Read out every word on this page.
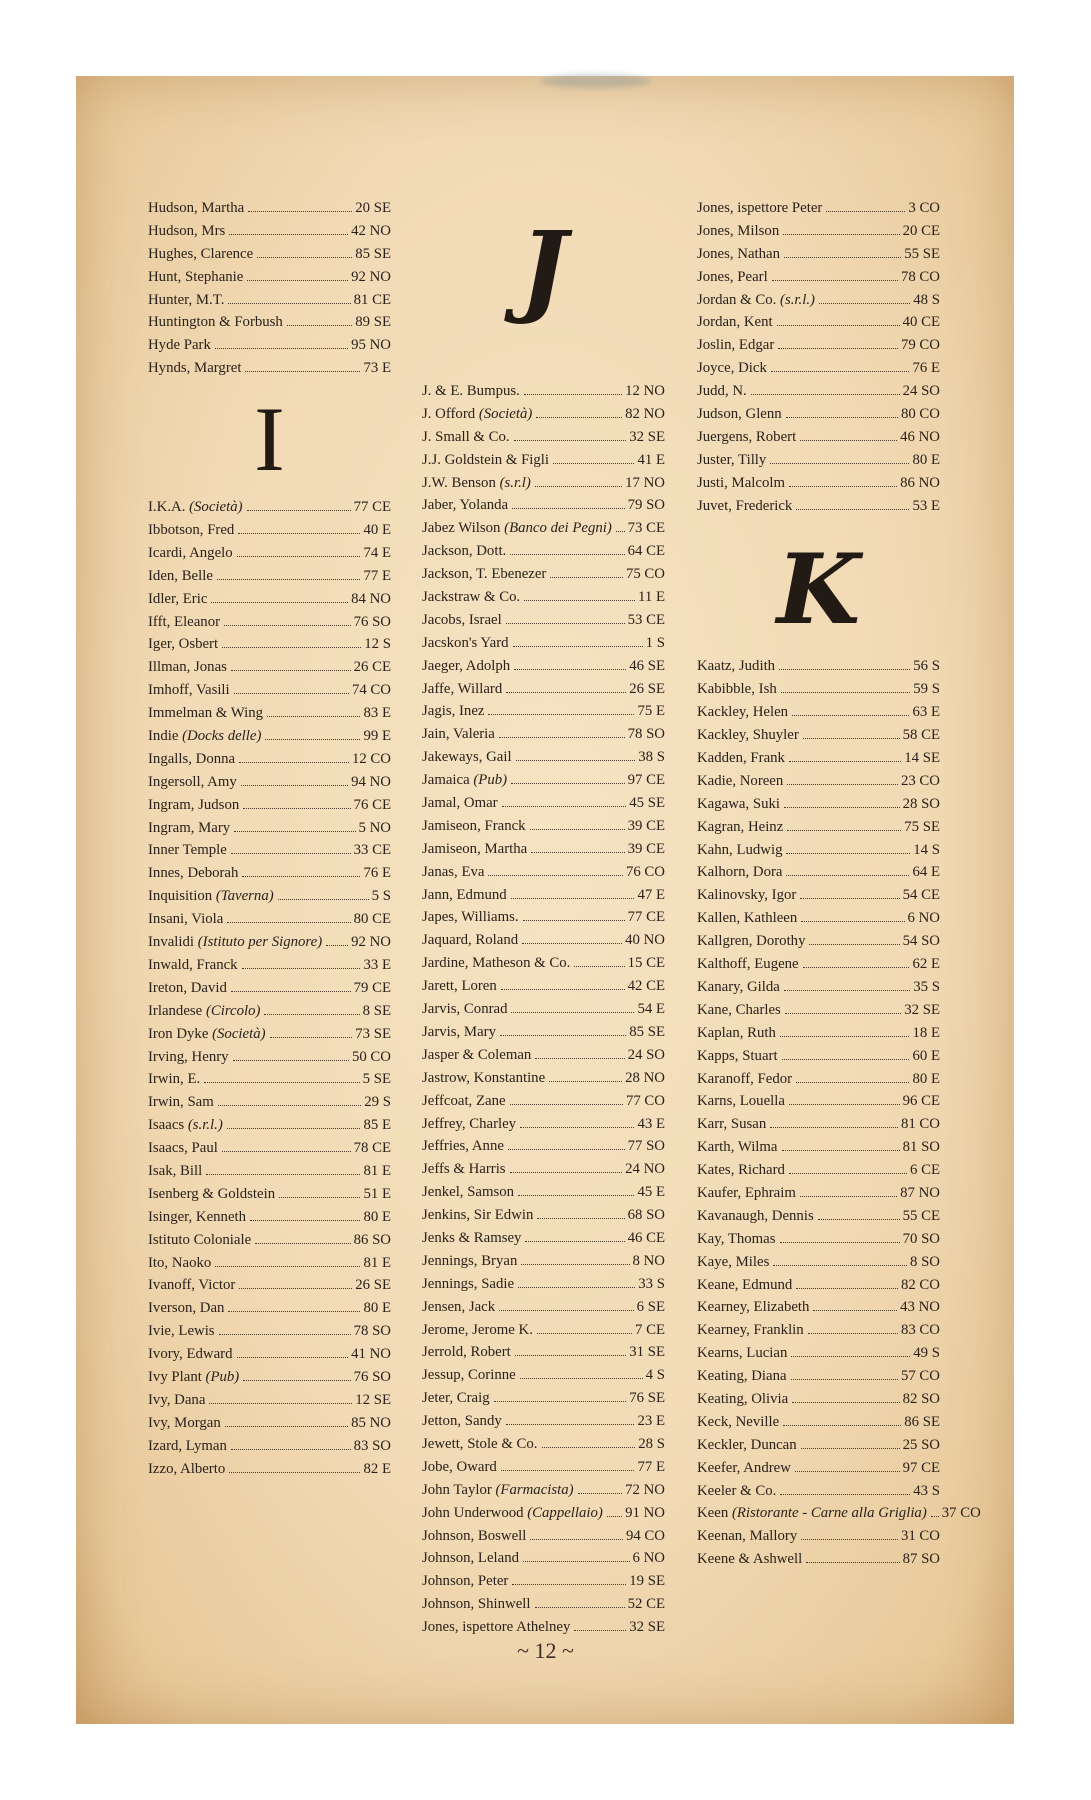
Hudson, Martha	20 SE
Hudson, Mrs	42 NO
Hughes, Clarence	85 SE
Hunt, Stephanie	92 NO
Hunter, M.T.	81 CE
Huntington & Forbush	89 SE
Hyde Park	95 NO
Hynds, Margret	73 E
I
I.K.A. (Società)	77 CE
Ibbotson, Fred	40 E
Icardi, Angelo	74 E
Iden, Belle	77 E
Idler, Eric	84 NO
Ifft, Eleanor	76 SO
Iger, Osbert	12 S
Illman, Jonas	26 CE
Imhoff, Vasili	74 CO
Immelman & Wing	83 E
Indie (Docks delle)	99 E
Ingalls, Donna	12 CO
Ingersoll, Amy	94 NO
Ingram, Judson	76 CE
Ingram, Mary	5 NO
Inner Temple	33 CE
Innes, Deborah	76 E
Inquisition (Taverna)	5 S
Insani, Viola	80 CE
Invalidi (Istituto per Signore) 92 NO
Inwald, Franck	33 E
Ireton, David	79 CE
Irlandese (Circolo)	8 SE
Iron Dyke (Società)	73 SE
Irving, Henry	50 CO
Irwin, E.	5 SE
Irwin, Sam	29 S
Isaacs (s.r.l.)	85 E
Isaacs, Paul	78 CE
Isak, Bill	81 E
Isenberg & Goldstein	51 E
Isinger, Kenneth	80 E
Istituto Coloniale	86 SO
Ito, Naoko	81 E
Ivanoff, Victor	26 SE
Iverson, Dan	80 E
Ivie, Lewis	78 SO
Ivory, Edward	41 NO
Ivy Plant (Pub)	76 SO
Ivy, Dana	12 SE
Ivy, Morgan	85 NO
Izard, Lyman	83 SO
Izzo, Alberto	82 E
J
J. & E. Bumpus.	12 NO
J. Offord (Società)	82 NO
J. Small & Co.	32 SE
J.J. Goldstein & Figli	41 E
J.W. Benson (s.r.l)	17 NO
Jaber, Yolanda	79 SO
Jabez Wilson (Banco dei Pegni) 73 CE
Jackson, Dott.	64 CE
Jackson, T. Ebenezer	75 CO
Jackstraw & Co.	11 E
Jacobs, Israel	53 CE
Jacskon's Yard	1 S
Jaeger, Adolph	46 SE
Jaffe, Willard	26 SE
Jagis, Inez	75 E
Jain, Valeria	78 SO
Jakeways, Gail	38 S
Jamaica (Pub)	97 CE
Jamal, Omar	45 SE
Jamiseon, Franck	39 CE
Jamiseon, Martha	39 CE
Janas, Eva	76 CO
Jann, Edmund	47 E
Japes, Williams.	77 CE
Jaquard, Roland	40 NO
Jardine, Matheson & Co.	15 CE
Jarett, Loren	42 CE
Jarvis, Conrad	54 E
Jarvis, Mary	85 SE
Jasper & Coleman	24 SO
Jastrow, Konstantine	28 NO
Jeffcoat, Zane	77 CO
Jeffrey, Charley	43 E
Jeffries, Anne	77 SO
Jeffs & Harris	24 NO
Jenkel, Samson	45 E
Jenkins, Sir Edwin	68 SO
Jenks & Ramsey	46 CE
Jennings, Bryan	8 NO
Jennings, Sadie	33 S
Jensen, Jack	6 SE
Jerome, Jerome K.	7 CE
Jerrold, Robert	31 SE
Jessup, Corinne	4 S
Jeter, Craig	76 SE
Jetton, Sandy	23 E
Jewett, Stole & Co.	28 S
Jobe, Oward	77 E
John Taylor (Farmacista)	72 NO
John Underwood (Cappellaio) 91 NO
Johnson, Boswell	94 CO
Johnson, Leland	6 NO
Johnson, Peter	19 SE
Johnson, Shinwell	52 CE
Jones, ispettore Athelney	32 SE
Jones, ispettore Peter	3 CO
Jones, Milson	20 CE
Jones, Nathan	55 SE
Jones, Pearl	78 CO
Jordan & Co. (s.r.l.)	48 S
Jordan, Kent	40 CE
Joslin, Edgar	79 CO
Joyce, Dick	76 E
Judd, N.	24 SO
Judson, Glenn	80 CO
Juergens, Robert	46 NO
Juster, Tilly	80 E
Justi, Malcolm	86 NO
Juvet, Frederick	53 E
K
Kaatz, Judith	56 S
Kabibble, Ish	59 S
Kackley, Helen	63 E
Kackley, Shuyler	58 CE
Kadden, Frank	14 SE
Kadie, Noreen	23 CO
Kagawa, Suki	28 SO
Kagran, Heinz	75 SE
Kahn, Ludwig	14 S
Kalhorn, Dora	64 E
Kalinovsky, Igor	54 CE
Kallen, Kathleen	6 NO
Kallgren, Dorothy	54 SO
Kalthoff, Eugene	62 E
Kanary, Gilda	35 S
Kane, Charles	32 SE
Kaplan, Ruth	18 E
Kapps, Stuart	60 E
Karanoff, Fedor	80 E
Karns, Louella	96 CE
Karr, Susan	81 CO
Karth, Wilma	81 SO
Kates, Richard	6 CE
Kaufer, Ephraim	87 NO
Kavanaugh, Dennis	55 CE
Kay, Thomas	70 SO
Kaye, Miles	8 SO
Keane, Edmund	82 CO
Kearney, Elizabeth	43 NO
Kearney, Franklin	83 CO
Kearns, Lucian	49 S
Keating, Diana	57 CO
Keating, Olivia	82 SO
Keck, Neville	86 SE
Keckler, Duncan	25 SO
Keefer, Andrew	97 CE
Keeler & Co.	43 S
Keen (Ristorante - Carne alla Griglia) 37 CO
Keenan, Mallory	31 CO
Keene & Ashwell	87 SO
~ 12 ~
